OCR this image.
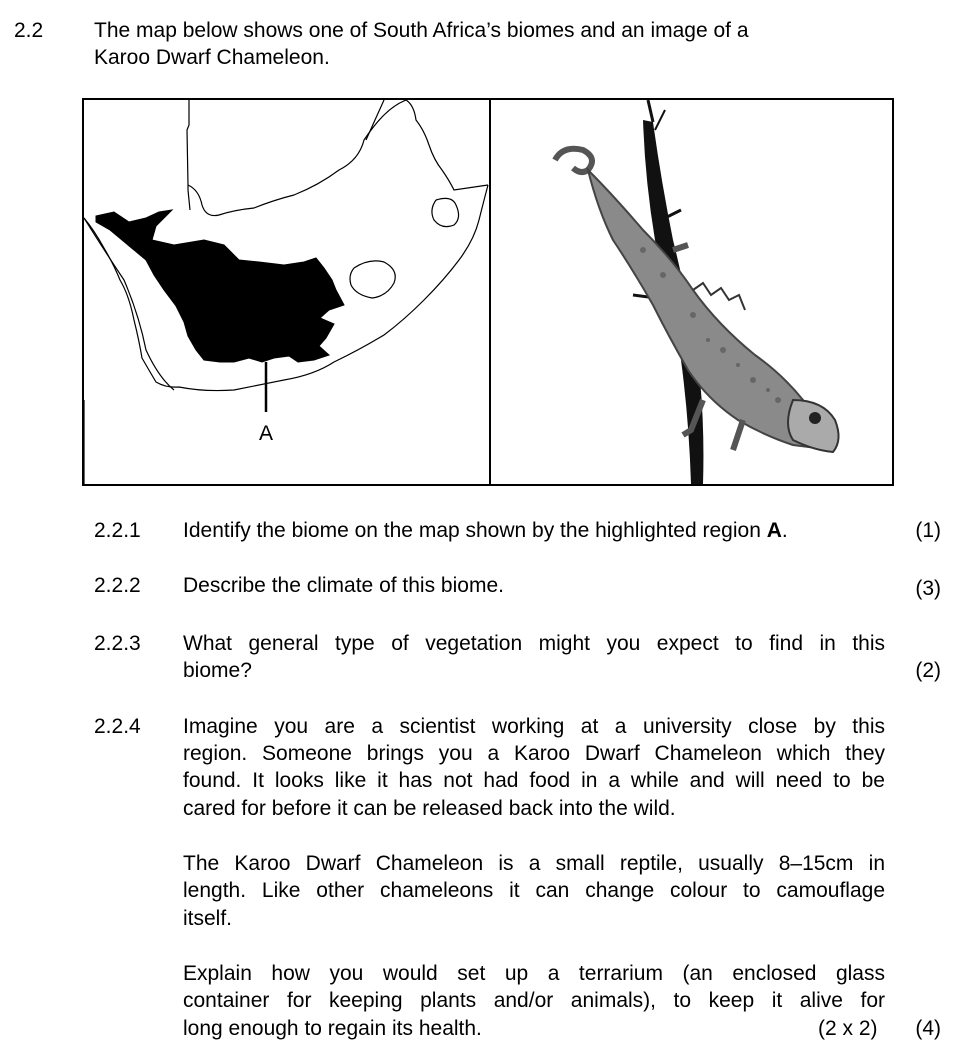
2.2 The map below shows one of South Africa’s biomes and an image of a
Karoo Dwarf Chameleon.
A
2.2.1 Identify the biome on the map shown by the highlighted region A.	(1)
2.2.2 Describe the climate of this biome.	(3)
2.2.3 What general type of vegetation might you expect to find in this
biome?	(2)
2.2.4 Imagine you are a scientist working at a university close by this
region. Someone brings you a Karoo Dwarf Chameleon which they
found. It looks like it has not had food in a while and will need to be
cared for before it can be released back into the wild.
The Karoo Dwarf Chameleon is a small reptile, usually 8–15cm in
length. Like other chameleons it can change colour to camouflage
itself.
Explain how you would set up a terrarium (an enclosed glass
container for keeping plants and/or animals), to keep it alive for
long enough to regain its health.	(2 x 2) (4)
